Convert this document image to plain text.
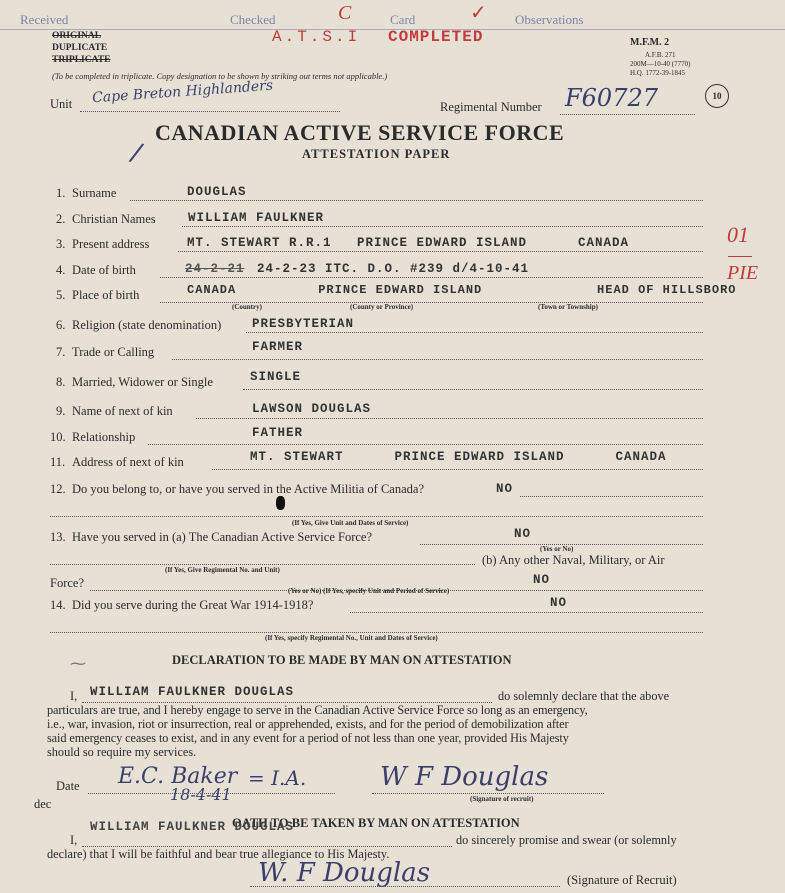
Received	Checked	Card	Observations
C	✓
A.T.S.I COMPLETED
ORIGINAL
DUPLICATE
TRIPLICATE
M.F.M. 2
A.F.B. 271
200M—10-40 (7770)
H.Q. 1772-39-1845
(To be completed in triplicate. Copy designation to be shown by striking out terms not applicable.)
Unit Cape Breton Highlanders
Regimental Number F60727	10
CANADIAN ACTIVE SERVICE FORCE
ATTESTATION PAPER
/
01
PIE
1. Surname	DOUGLAS
2. Christian Names	WILLIAM FAULKNER
3. Present address	MT. STEWART R.R.1   PRINCE EDWARD ISLAND      CANADA
4. Date of birth	24-2-21 24-2-23 ITC. D.O. #239 d/4-10-41
5. Place of birth	CANADA          PRINCE EDWARD ISLAND              HEAD OF HILLSBORO
(Country)	(County or Province)	(Town or Township)
6. Religion (state denomination) PRESBYTERIAN
7. Trade or Calling	FARMER
8. Married, Widower or Single	SINGLE
9. Name of next of kin	LAWSON DOUGLAS
10. Relationship	FATHER
11. Address of next of kin	MT. STEWART      PRINCE EDWARD ISLAND      CANADA
12. Do you belong to, or have you served in the Active Militia of Canada?	NO
(If Yes, Give Unit and Dates of Service)
13. Have you served in (a) The Canadian Active Service Force?	NO
(Yes or No)
(b) Any other Naval, Military, or Air
(If Yes, Give Regimental No. and Unit)
Force?	NO
(Yes or No) (If Yes, specify Unit and Period of Service)
14. Did you serve during the Great War 1914-1918?	NO
(If Yes, specify Regimental No., Unit and Dates of Service)
⁓	DECLARATION TO BE MADE BY MAN ON ATTESTATION
I, WILLIAM FAULKNER DOUGLAS	do solemnly declare that the above
particulars are true, and I hereby engage to serve in the Canadian Active Service Force so long as an emergency,
i.e., war, invasion, riot or insurrection, real or apprehended, exists, and for the period of demobilization after
said emergency ceases to exist, and in any event for a period of not less than one year, provided His Majesty
should so require my services.
Date E.C. Baker = I.A.
18-4-41
dec
W F Douglas
(Signature of recruit)
OATH TO BE TAKEN BY MAN ON ATTESTATION
I,
WILLIAM FAULKNER DOUGLAS
do sincerely promise and swear (or solemnly
declare) that I will be faithful and bear true allegiance to His Majesty.
W. F Douglas	(Signature of Recruit)
